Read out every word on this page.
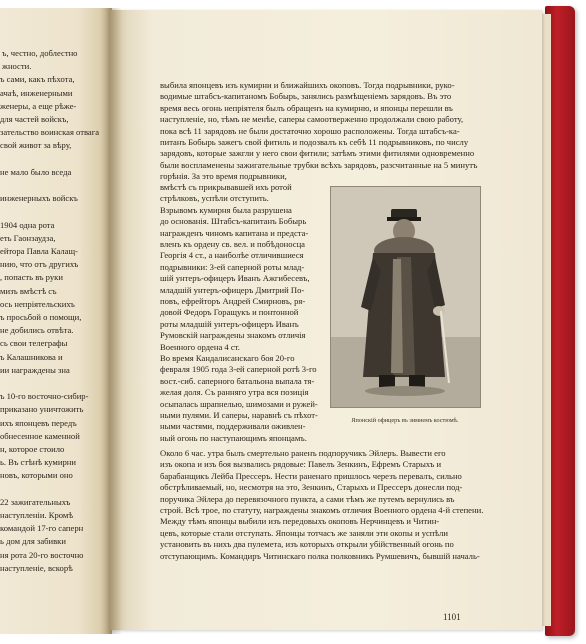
ъ, честно, доблестно
жности.
ъ сами, какъ пѣхота,
ачаѣ, инженерными
женеры, а еще рѣже-
для частей войскъ,
зательство воинская отвага
свой живот за вѣру,
не мало было вседа
инженерныхъ войскъ
1904 одна рота
еть Гаонзаудза,
ейтора Павла Калащ-
нию, что отъ другихъ
, попасть въ руки
мизъ вмѣстѣ съ
ось непріятельскихъ
ъ просьбой о помощи,
не добились отвѣта.
сь свои телеграфы
ъ Калашникова и
ии награждены зна
ъ 10-го восточно-сибир-
приказано уничтожить
ихъ японцевъ передъ
обнесенное каменной
н, которое стоило
ь. Въ стѣнѣ кумирни
новъ, которыми оно
22 зажигательныхъ
наступленіи. Кромѣ
командой 17-го саперн
ь дом для забивки
ня рота 20-го восточно
наступленіе, вскорѣ
Японскій офицеръ въ зимнемъ костюмѣ.
1101
выбила японцевъ изъ кумирни и ближайшихъ окоповъ. Тогда подрывники, руко-
водимые штабсъ-капитаномъ Бобырь, занялись размѣщеніемъ зарядовъ. Въ это
время весь огонь непріятеля былъ обращенъ на кумирню, и японцы перешли въ
наступленіе, но, тѣмъ не менѣе, саперы самоотверженно продолжали свою работу,
пока всѣ 11 зарядовъ не были достаточно хорошо расположены. Тогда штабсъ-ка-
питанъ Бобырь зажегъ свой фитиль и подозвалъ къ себѣ 11 подрывниковъ, по числу
зарядовъ, которые зажгли у него свои фитили; затѣмъ этими фитилями одновременно
были воспламенены зажигательные трубки всѣхъ зарядовъ, разсчитанные на 5 минутъ
горѣнія. За это время подрывники,
вмѣстѣ съ прикрывавшей ихъ ротой
стрѣлковъ, успѣли отступить.
Взрывомъ кумирня была разрушена
до основанія. Штабсъ-капитанъ Бобырь
награжденъ чиномъ капитана и предста-
вленъ къ ордену св. вел. и побѣдоносца
Георгія 4 ст., а наиболѣе отличившиеся
подрывники: 3-ей саперной роты млад-
шій унтеръ-офицеръ Иванъ Ажгибесевъ,
младшій унтеръ-офицеръ Дмитрий По-
повъ, ефрейторъ Андрей Смирновъ, ря-
довой Федоръ Горащукъ и понтонной
роты младшій унтеръ-офицеръ Иванъ
Румовскій награждены знакомъ отличія
Военного ордена 4 ст.
Во время Кандалисанскаго боя 20-го
февраля 1905 года 3-ей саперной ротѣ 3-го
вост.-сиб. саперного батальона выпала тя-
желая доля. Съ ранняго утра вся позиція
осыпалась шрапнелью, шимозами и ружей-
ными пулями. И саперы, наравнѣ съ пѣхот-
ными частями, поддерживали оживлен-
ный огонь по наступающимъ японцамъ.
Около 6 час. утра былъ смертельно раненъ подпоручикъ Эйлеръ. Вывести его
изъ окопа и изъ боя вызвались рядовые: Павелъ Зенкинъ, Ефремъ Старыхъ и
барабанщикъ Лейба Прессеръ. Нести раненаго пришлось черезъ перевалъ, сильно
обстрѣливаемый, но, несмотря на это, Зенкинъ, Старыхъ и Прессеръ донесли под-
поручика Эйлера до перевязочного пункта, а сами тѣмъ же путемъ вернулись въ
строй. Всѣ трое, по статуту, награждены знакомъ отличия Военного ордена 4-й степени.
Между тѣмъ японцы выбили изъ передовыхъ окоповъ Нерчинцевъ и Читин-
цевъ, которые стали отступать. Японцы тотчасъ же заняли эти окопы и успѣли
установить въ нихъ два пулемета, изъ которыхъ открыли убійственный огонь по
отступающимъ. Командиръ Читинскаго полка полковникъ Румшевичъ, бывшій началь-
